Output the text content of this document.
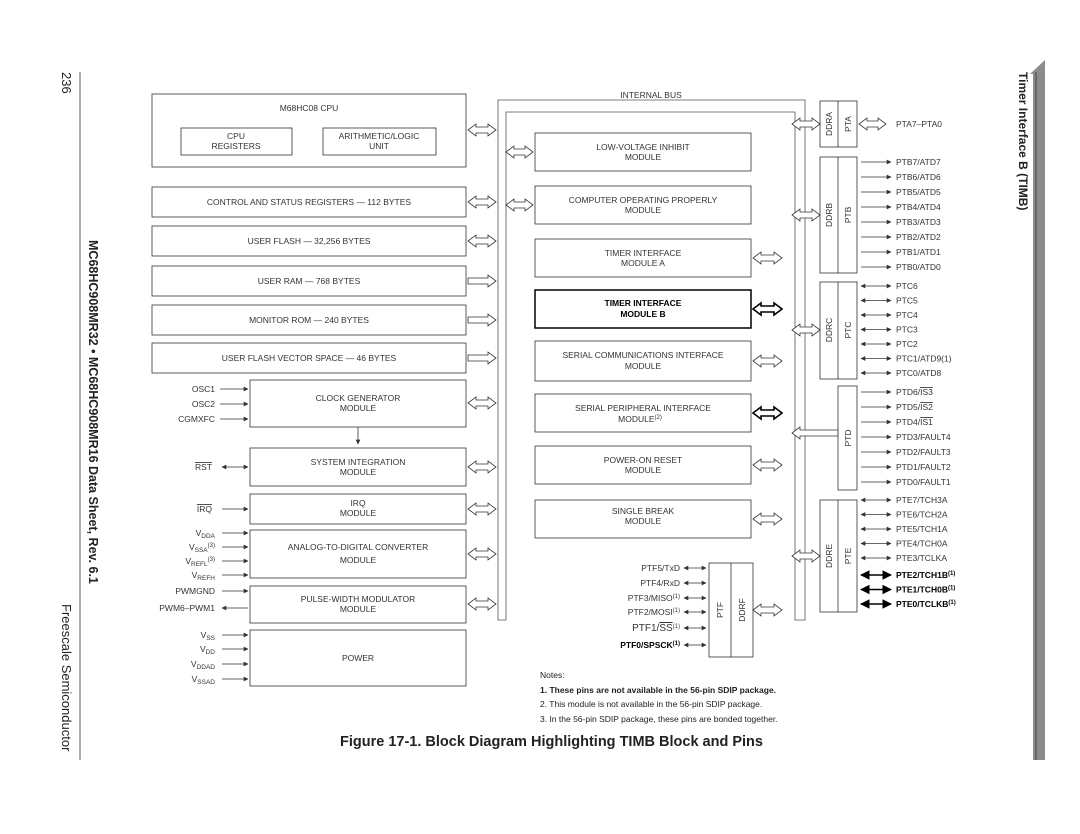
236
Freescale Semiconductor
MC68HC908MR32 • MC68HC908MR16 Data Sheet, Rev. 6.1
Timer Interface B (TIMB)
M68HC08 CPU
CPU
REGISTERS
ARITHMETIC/LOGIC
UNIT
CONTROL AND STATUS REGISTERS — 112 BYTES
USER FLASH — 32,256 BYTES
USER RAM — 768 BYTES
MONITOR ROM — 240 BYTES
USER FLASH VECTOR SPACE — 46 BYTES
INTERNAL BUS
CLOCK GENERATOR
MODULE
SYSTEM INTEGRATION
MODULE
IRQ
MODULE
ANALOG-TO-DIGITAL CONVERTER
MODULE
PULSE-WIDTH MODULATOR
MODULE
POWER
LOW-VOLTAGE INHIBIT
MODULE
COMPUTER OPERATING PROPERLY
MODULE
TIMER INTERFACE
MODULE A
TIMER INTERFACE
MODULE B
SERIAL COMMUNICATIONS INTERFACE
MODULE
SERIAL PERIPHERAL INTERFACE
MODULE$^{(2)}$
POWER-ON RESET
MODULE
SINGLE BREAK
MODULE
DDRA PTA
DDRB PTB
DDRC PTC
PTD
DDRE PTE
PTF DDRF
OSC1
OSC2
CGMXFC
RST
IRQ
$V_{DDA}$
$V_{SSA}^{(3)}$
$V_{REFL}^{(3)}$
$V_{REFH}$
PWMGND
PWM6–PWM1
$V_{SS}$
$V_{DD}$
$V_{DDAD}$
$V_{SSAD}$
PTA7–PTA0
PTB7/ATD7
PTB6/ATD6
PTB5/ATD5
PTB4/ATD4
PTB3/ATD3
PTB2/ATD2
PTB1/ATD1
PTB0/ATD0
PTC6
PTC5
PTC4
PTC3
PTC2
PTC1/ATD9(1)
PTC0/ATD8
PTD6/IS3
PTD5/IS2
PTD4/IS1
PTD3/FAULT4
PTD2/FAULT3
PTD1/FAULT2
PTD0/FAULT1
PTE7/TCH3A
PTE6/TCH2A
PTE5/TCH1A
PTE4/TCH0A
PTE3/TCLKA
$PTE2/TCH1B^{(1)}$
$PTE1/TCH0B^{(1)}$
PTE0/TCLKB$^{(1)}$
PTF5/TxD
PTF4/RxD
PTF3/MISO$^{(1)}$
PTF2/MOSI$^{(1)}$
PTF1/SS$^{(1)}$
PTF0/SPSCK$^{(1)}$
Notes:
1. These pins are not available in the 56-pin SDIP package.
2. This module is not available in the 56-pin SDIP package.
3. In the 56-pin SDIP package, these pins are bonded together.
Figure 17-1. Block Diagram Highlighting TIMB Block and Pins
